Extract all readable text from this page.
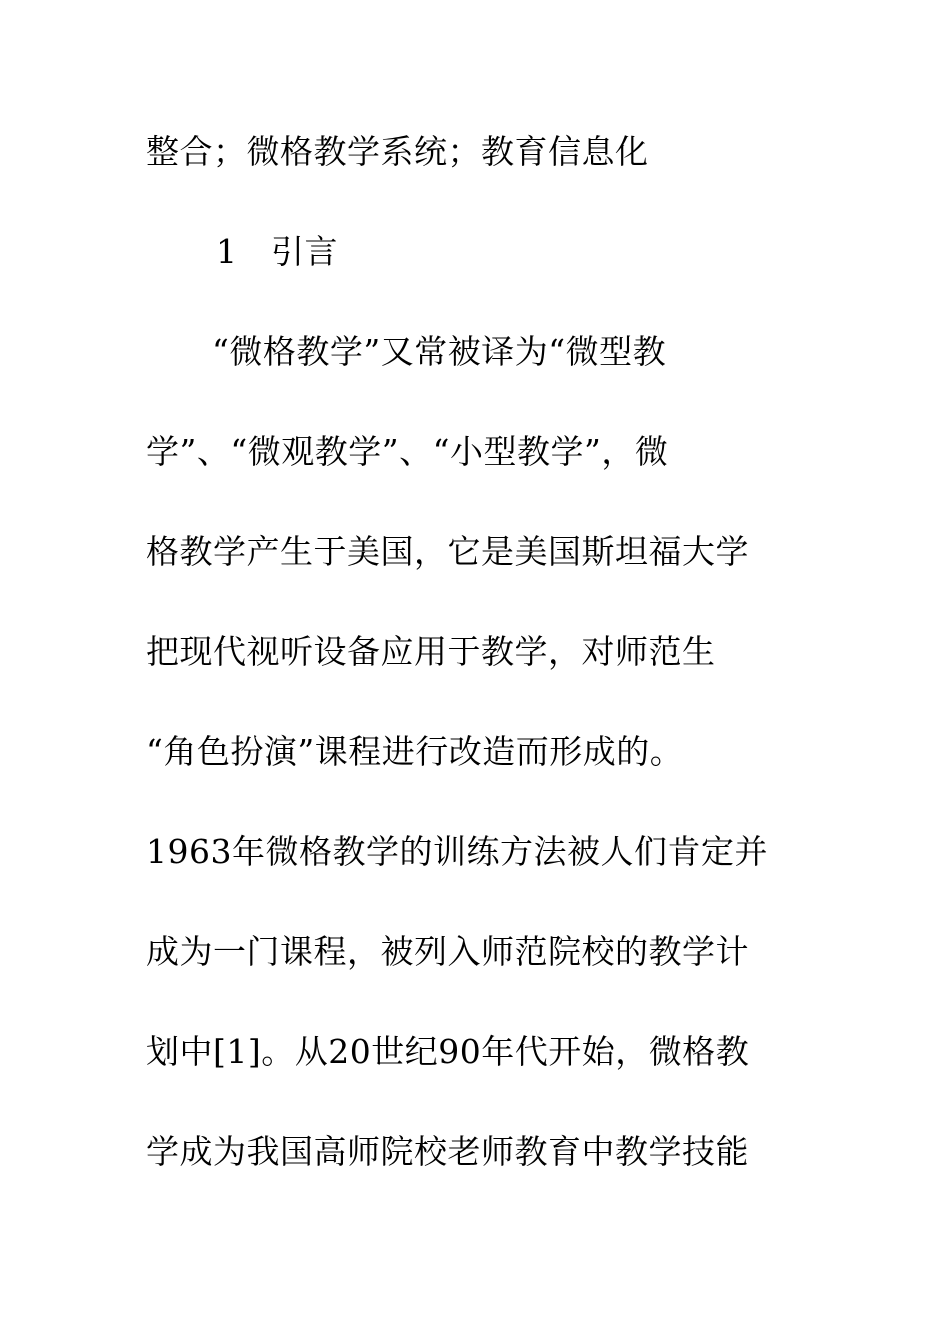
整合；微格教学系统；教育信息化
1　引言
“微格教学”又常被译为“微型教
学”、“微观教学”、“小型教学”，微
格教学产生于美国，它是美国斯坦福大学
把现代视听设备应用于教学，对师范生
“角色扮演”课程进行改造而形成的。
1963年微格教学的训练方法被人们肯定并
成为一门课程，被列入师范院校的教学计
划中[1]。从20世纪90年代开始，微格教
学成为我国高师院校老师教育中教学技能
